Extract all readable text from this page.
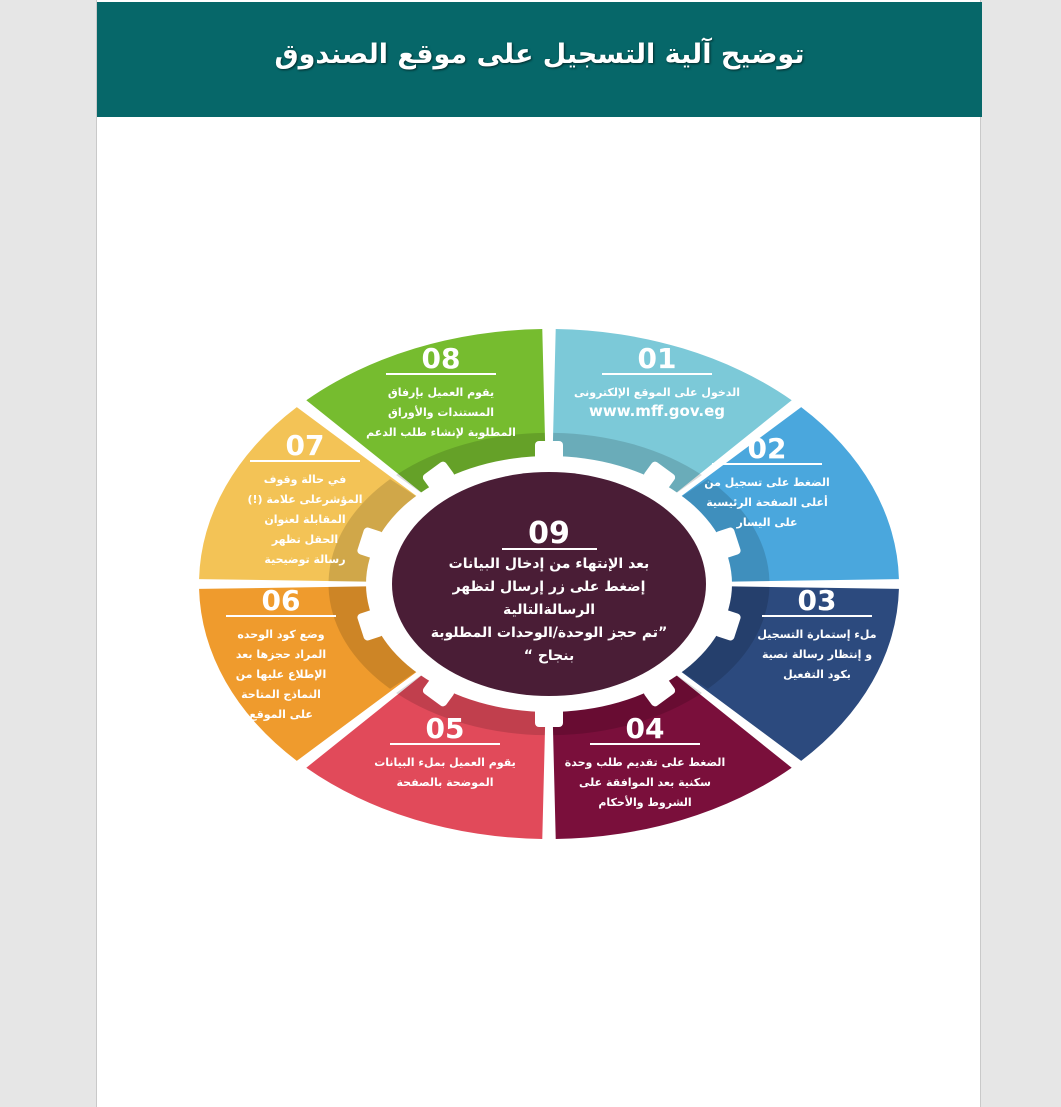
توضيح آلية التسجيل على موقع الصندوق
01
الدخول على الموقع الإلكترونى
www.mff.gov.eg
02
الضغط على تسجيل من
أعلى الصفحة الرئيسية
على اليسار
03
ملء إستمارة التسجيل
و إنتظار رسالة نصية
بكود التفعيل
04
الضغط على تقديم طلب وحدة
سكنية بعد الموافقة على
الشروط والأحكام
05
يقوم العميل بملء البيانات
الموضحة بالصفحة
06
وضع كود الوحده
المراد حجزها بعد
الإطلاع عليها من
النماذج المتاحة
على الموقع
07
في حالة وقوف
المؤشرعلى علامة (!)
المقابلة لعنوان
الحقل تظهر
رسالة توضيحية
08
يقوم العميل بإرفاق
المستندات والأوراق
المطلوبة لإنشاء طلب الدعم
09
بعد الإنتهاء من إدخال البيانات
إضغط على زر إرسال لتظهر
الرسالةالتالية
”تم حجز الوحدة/الوحدات المطلوبة
بنجاح “
